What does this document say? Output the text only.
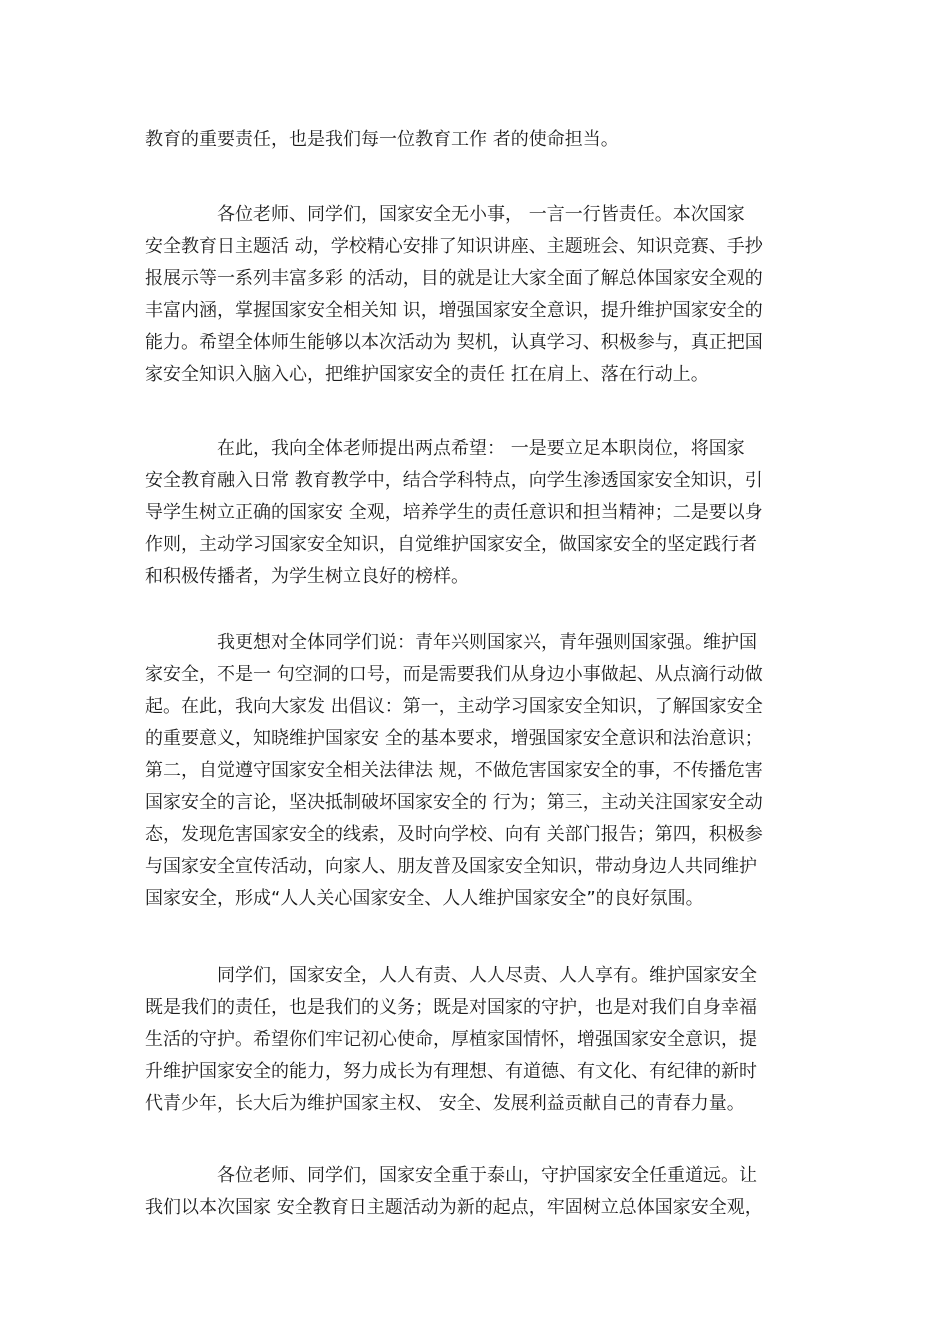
教育的重要责任，也是我们每一位教育工作 者的使命担当。
　　　　各位老师、同学们，国家安全无小事， 一言一行皆责任。本次国家
安全教育日主题活 动，学校精心安排了知识讲座、主题班会、知识竞赛、手抄
报展示等一系列丰富多彩 的活动，目的就是让大家全面了解总体国家安全观的
丰富内涵，掌握国家安全相关知 识，增强国家安全意识，提升维护国家安全的
能力。希望全体师生能够以本次活动为 契机，认真学习、积极参与，真正把国
家安全知识入脑入心，把维护国家安全的责任 扛在肩上、落在行动上。
　　　　在此，我向全体老师提出两点希望： 一是要立足本职岗位，将国家
安全教育融入日常 教育教学中，结合学科特点，向学生渗透国家安全知识，引
导学生树立正确的国家安 全观，培养学生的责任意识和担当精神；二是要以身
作则，主动学习国家安全知识，自觉维护国家安全，做国家安全的坚定践行者
和积极传播者，为学生树立良好的榜样。
　　　　我更想对全体同学们说：青年兴则国家兴，青年强则国家强。维护国
家安全，不是一 句空洞的口号，而是需要我们从身边小事做起、从点滴行动做
起。在此，我向大家发 出倡议：第一，主动学习国家安全知识，了解国家安全
的重要意义，知晓维护国家安 全的基本要求，增强国家安全意识和法治意识；
第二，自觉遵守国家安全相关法律法 规，不做危害国家安全的事，不传播危害
国家安全的言论，坚决抵制破坏国家安全的 行为；第三，主动关注国家安全动
态，发现危害国家安全的线索，及时向学校、向有 关部门报告；第四，积极参
与国家安全宣传活动，向家人、朋友普及国家安全知识，带动身边人共同维护
国家安全，形成“人人关心国家安全、人人维护国家安全”的良好氛围。
　　　　同学们，国家安全，人人有责、人人尽责、人人享有。维护国家安全
既是我们的责任，也是我们的义务；既是对国家的守护，也是对我们自身幸福
生活的守护。希望你们牢记初心使命，厚植家国情怀，增强国家安全意识，提
升维护国家安全的能力，努力成长为有理想、有道德、有文化、有纪律的新时
代青少年，长大后为维护国家主权、 安全、发展利益贡献自己的青春力量。
　　　　各位老师、同学们，国家安全重于泰山，守护国家安全任重道远。让
我们以本次国家 安全教育日主题活动为新的起点，牢固树立总体国家安全观，
